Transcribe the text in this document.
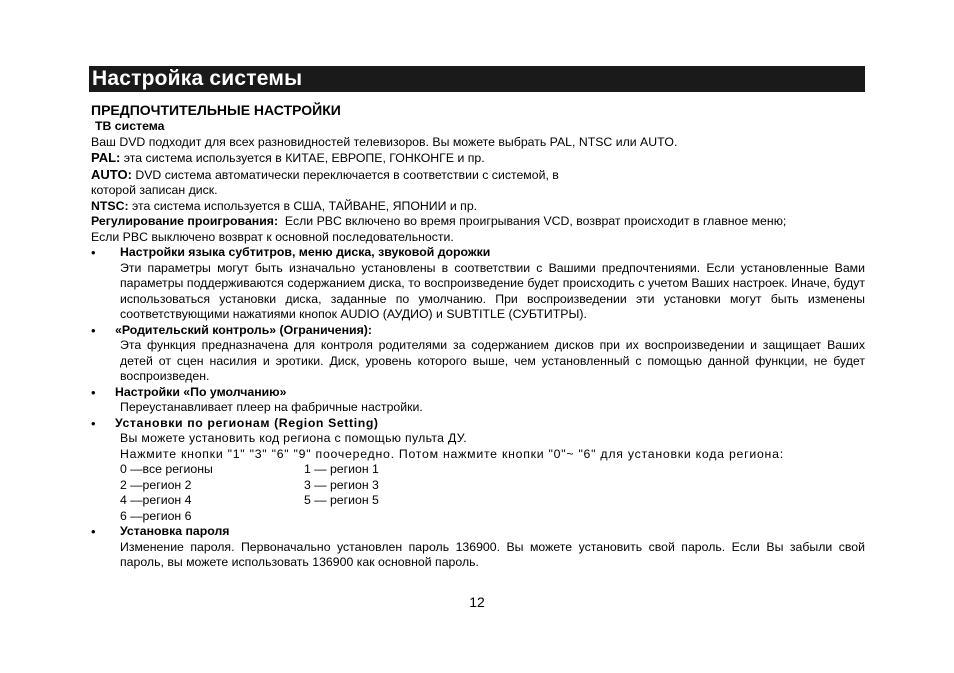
Настройка системы
ПРЕДПОЧТИТЕЛЬНЫЕ НАСТРОЙКИ
ТВ система
Ваш DVD подходит для всех разновидностей телевизоров. Вы можете выбрать PAL, NTSC или AUTO.
PAL: эта система используется в КИТАЕ, ЕВРОПЕ, ГОНКОНГЕ и пр.
AUTO: DVD система автоматически переключается в соответствии с системой, в
которой записан диск.
NTSC: эта система используется в США, ТАЙВАНЕ, ЯПОНИИ и пр.
Регулирование проигрования:  Если PBC включено во время проигрывания VCD, возврат происходит в главное меню;
Если PBC выключено возврат к основной последовательности.
• Настройки языка субтитров, меню диска, звуковой дорожки
Эти параметры могут быть изначально установлены в соответствии с Вашими предпочтениями. Если установленные Вами параметры поддерживаются содержанием диска, то воспроизведение будет происходить с учетом Ваших настроек. Иначе, будут использоваться установки диска, заданные по умолчанию. При воспроизведении эти установки могут быть изменены соответствующими нажатиями кнопок AUDIO (АУДИО) и SUBTITLE (СУБТИТРЫ).
• «Родительский контроль» (Ограничения):
Эта функция предназначена для контроля родителями за содержанием дисков при их воспроизведении и защищает Ваших детей от сцен насилия и эротики. Диск, уровень которого выше, чем установленный с помощью данной функции, не будет воспроизведен.
• Настройки «По умолчанию»
Переустанавливает плеер на фабричные настройки.
• Установки по регионам (Region Setting)
Вы можете установить код региона с помощью пульта ДУ.
Нажмите кнопки "1" "3" "6" "9" поочередно. Потом нажмите кнопки "0"~ "6" для установки кода региона:
0 —все регионы	1 — регион 1
2 —регион 2	3 — регион 3
4 —регион 4	5 — регион 5
6 —регион 6
• Установка пароля
Изменение пароля. Первоначально установлен пароль 136900. Вы можете установить свой пароль. Если Вы забыли свой пароль, вы можете использовать 136900 как основной пароль.
12
